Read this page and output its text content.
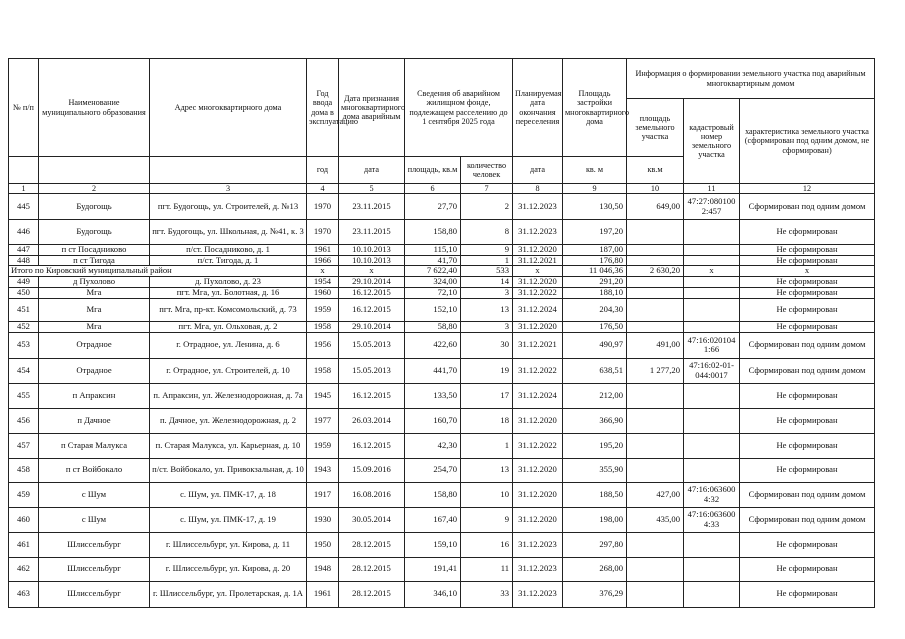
№ п/п	Наименование муниципального образования	Адрес многоквартирного дома	Год ввода дома в эксплуатацию	Дата признания многоквартирного дома аварийным	Сведения об аварийном жилищном фонде, подлежащем расселению до 1 сентября 2025 года		Планируемая дата окончания переселения	Площадь застройки многоквартирного дома	Информация о формировании земельного участка под аварийным многоквартирным домом		
									площадь земельного участка	кадастровый номер земельного участка	характеристика земельного участка (сформирован под одним домом, не сформирован)
			год	дата	площадь, кв.м	количество человек	дата	кв. м	кв.м		
1	2	3	4	5	6	7	8	9	10	11	12
445	Будогощь	пгт. Будогощь, ул. Строителей, д. №13	1970	23.11.2015	27,70	2	31.12.2023	130,50	649,00	47:27:080100 2:457	Сформирован под одним домом
446	Будогощь	пгт. Будогощь, ул. Школьная, д. №41, к. 3	1970	23.11.2015	158,80	8	31.12.2023	197,20			Не сформирован
447	п ст Посадниково	п/ст. Посадниково, д. 1	1961	10.10.2013	115,10	9	31.12.2020	187,00			Не сформирован
448	п ст Тигода	п/ст. Тигода, д. 1	1966	10.10.2013	41,70	1	31.12.2021	176,80			Не сформирован
Итого по Кировский муниципальный район			x	x	7 622,40	533	x	11 046,36	2 630,20	x	x
449	д Пухолово	д. Пухолово, д. 23	1954	29.10.2014	324,00	14	31.12.2020	291,20			Не сформирован
450	Мга	пгт. Мга, ул. Болотная, д. 16	1960	16.12.2015	72,10	3	31.12.2022	188,10			Не сформирован
451	Мга	пгт. Мга, пр-кт. Комсомольский, д. 73	1959	16.12.2015	152,10	13	31.12.2024	204,30			Не сформирован
452	Мга	пгт. Мга, ул. Ольховая, д. 2	1958	29.10.2014	58,80	3	31.12.2020	176,50			Не сформирован
453	Отрадное	г. Отрадное, ул. Ленина, д. 6	1956	15.05.2013	422,60	30	31.12.2021	490,97	491,00	47:16:020104 1:66	Сформирован под одним домом
454	Отрадное	г. Отрадное, ул. Строителей, д. 10	1958	15.05.2013	441,70	19	31.12.2022	638,51	1 277,20	47:16:02-01-044:0017	Сформирован под одним домом
455	п Апраксин	п. Апраксин, ул. Железнодорожная, д. 7а	1945	16.12.2015	133,50	17	31.12.2024	212,00			Не сформирован
456	п Дачное	п. Дачное, ул. Железнодорожная, д. 2	1977	26.03.2014	160,70	18	31.12.2020	366,90			Не сформирован
457	п Старая Малукса	п. Старая Малукса, ул. Карьерная, д. 10	1959	16.12.2015	42,30	1	31.12.2022	195,20			Не сформирован
458	п ст Войбокало	п/ст. Войбокало, ул. Привокзальная, д. 10	1943	15.09.2016	254,70	13	31.12.2020	355,90			Не сформирован
459	с Шум	с. Шум, ул. ПМК-17, д. 18	1917	16.08.2016	158,80	10	31.12.2020	188,50	427,00	47:16:063600 4:32	Сформирован под одним домом
460	с Шум	с. Шум, ул. ПМК-17, д. 19	1930	30.05.2014	167,40	9	31.12.2020	198,00	435,00	47:16:063600 4:33	Сформирован под одним домом
461	Шлиссельбург	г. Шлиссельбург, ул. Кирова, д. 11	1950	28.12.2015	159,10	16	31.12.2023	297,80			Не сформирован
462	Шлиссельбург	г. Шлиссельбург, ул. Кирова, д. 20	1948	28.12.2015	191,41	11	31.12.2023	268,00			Не сформирован
463	Шлиссельбург	г. Шлиссельбург, ул. Пролетарская, д. 1А	1961	28.12.2015	346,10	33	31.12.2023	376,29			Не сформирован
